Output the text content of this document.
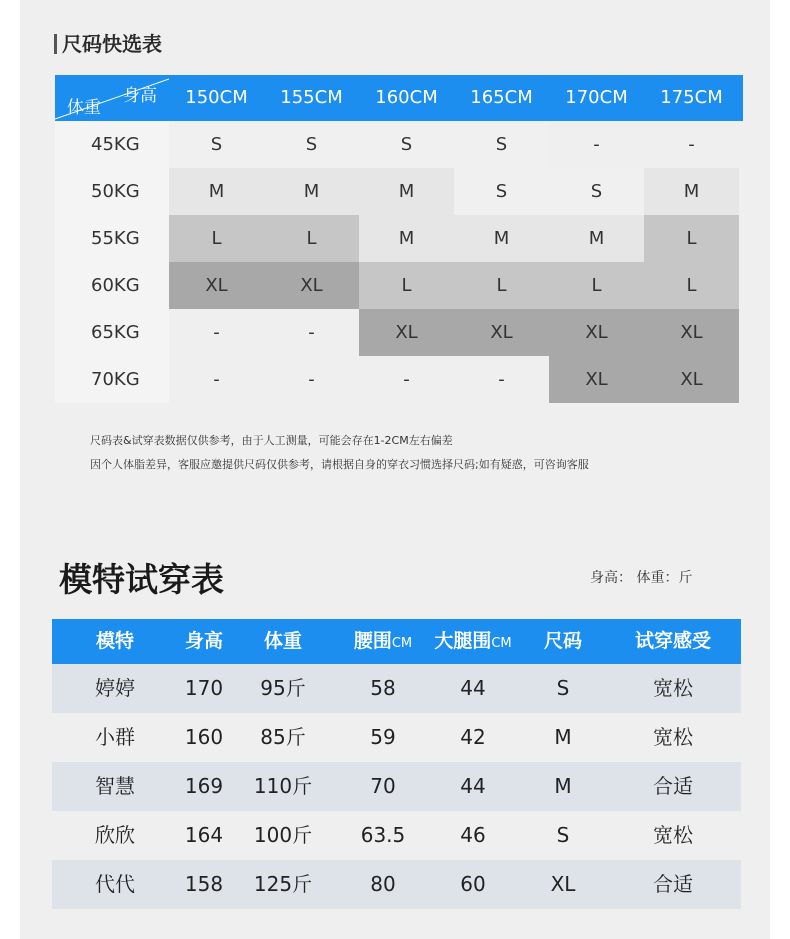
尺码快选表
身高
体重	150CM	155CM	160CM	165CM	170CM	175CM
45KG	S	S	S	S	-	-
50KG	M	M	M	S	S	M
55KG	L	L	M	M	M	L
60KG	XL	XL	L	L	L	L
65KG	-	-	XL	XL	XL	XL
70KG	-	-	-	-	XL	XL
尺码表&试穿表数据仅供参考，由于人工测量，可能会存在1-2CM左右偏差
因个人体脂差异，客服应邀提供尺码仅供参考，请根据自身的穿衣习惯选择尺码;如有疑惑，可咨询客服
模特试穿表	身高： 体重：斤
模特	身高	体重	腰围CM	大腿围CM	尺码	试穿感受
婷婷	170	95斤	58	44	S	宽松
小群	160	85斤	59	42	M	宽松
智慧	169	110斤	70	44	M	合适
欣欣	164	100斤	63.5	46	S	宽松
代代	158	125斤	80	60	XL	合适
